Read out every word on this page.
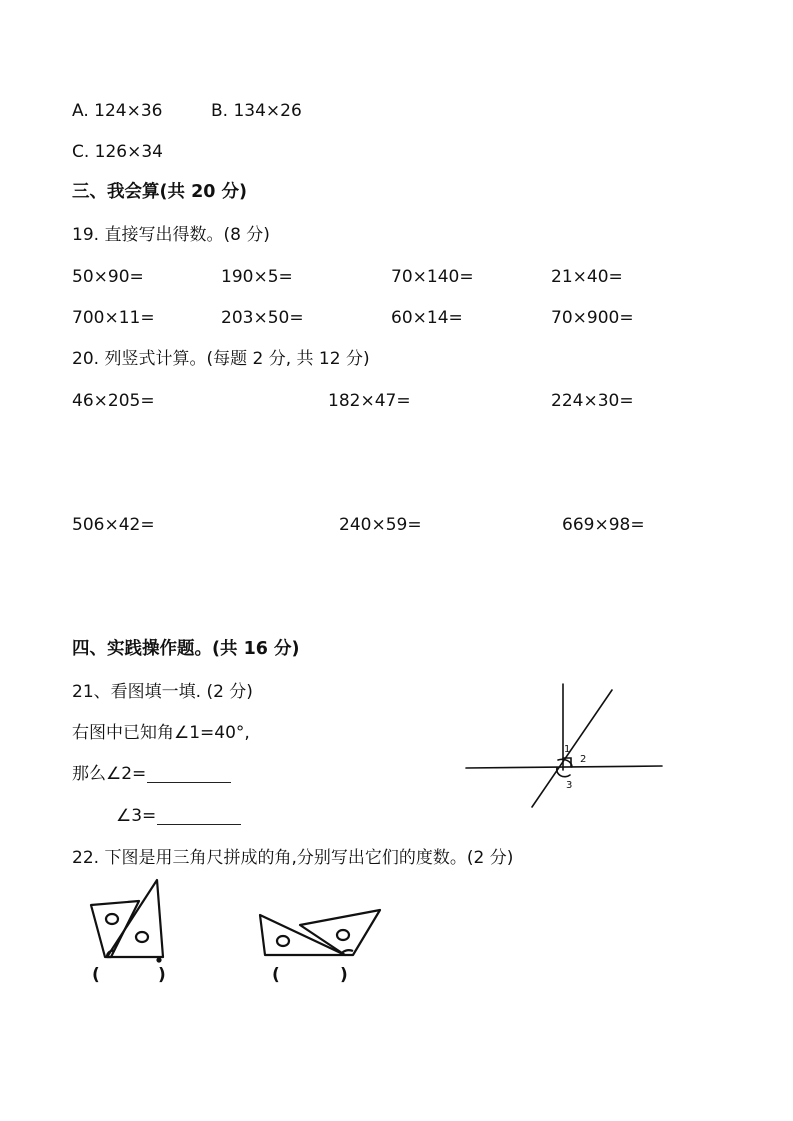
A. 124×36	B. 134×26
C. 126×34
三、我会算(共 20 分)
19. 直接写出得数。(8 分)
50×90=	190×5=	70×140=	21×40=
700×11=	203×50=	60×14=	70×900=
20. 列竖式计算。(每题 2 分, 共 12 分)
46×205=	182×47=	224×30=
506×42=	240×59=	669×98=
四、实践操作题。(共 16 分)
21、看图填一填. (2 分)
右图中已知角∠1=40°,
那么∠2=
∠3=
1
2
3
22. 下图是用三角尺拼成的角,分别写出它们的度数。(2 分)
(	)	(	)
